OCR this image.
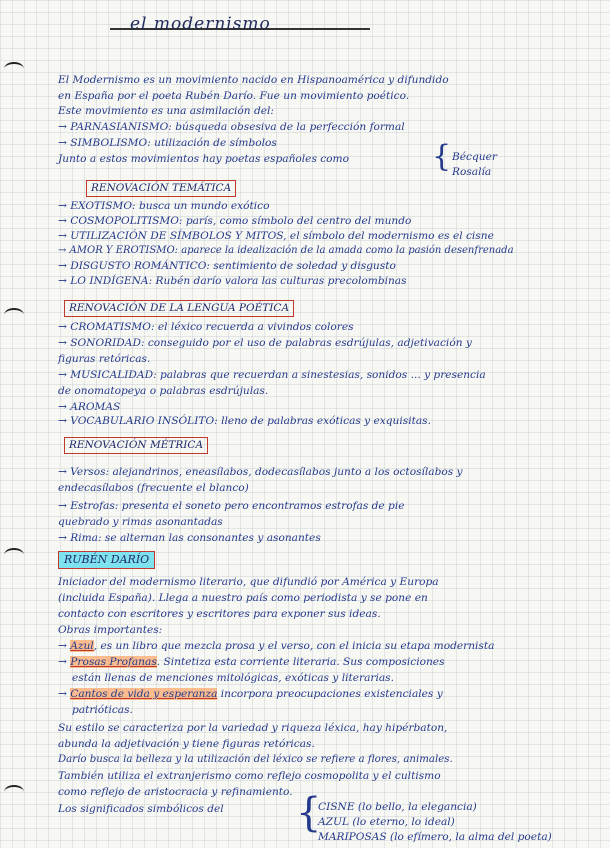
el modernismo
El Modernismo es un movimiento nacido en Hispanoamérica y difundido
en España por el poeta Rubén Darío. Fue un movimiento poético.
Este movimiento es una asimilación del:
→ PARNASIANISMO: búsqueda obsesiva de la perfección formal
→ SIMBOLISMO: utilización de símbolos
Junto a estos movimientos hay poetas españoles como	{ Bécquer
Rosalía
RENOVACIÓN TEMÁTICA
→ EXOTISMO: busca un mundo exótico
→ COSMOPOLITISMO: parís, como símbolo del centro del mundo
→ UTILIZACIÓN DE SÍMBOLOS Y MITOS, el símbolo del modernismo es el cisne
→ AMOR Y EROTISMO: aparece la idealización de la amada como la pasión desenfrenada
→ DISGUSTO ROMÁNTICO: sentimiento de soledad y disgusto
→ LO INDÍGENA: Rubén darío valora las culturas precolombinas
RENOVACIÓN DE LA LENGUA POÉTICA
→ CROMATISMO: el léxico recuerda a vivindos colores
→ SONORIDAD: conseguido por el uso de palabras esdrújulas, adjetivación y
figuras retóricas.
→ MUSICALIDAD: palabras que recuerdan a sinestesias, sonidos ... y presencia
de onomatopeya o palabras esdrújulas.
→ AROMAS
→ VOCABULARIO INSÓLITO: lleno de palabras exóticas y exquisitas.
RENOVACIÓN MÉTRICA
→ Versos: alejandrinos, eneasílabos, dodecasílabos junto a los octosílabos y
endecasílabos (frecuente el blanco)
→ Estrofas: presenta el soneto pero encontramos estrofas de pie
quebrado y rimas asonantadas
→ Rima: se alternan las consonantes y asonantes
RUBÉN DARÍO
Iniciador del modernismo literario, que difundió por América y Europa
(incluida España). Llega a nuestro país como periodista y se pone en
contacto con escritores y escritores para exponer sus ideas.
Obras importantes:
→ Azul, es un libro que mezcla prosa y el verso, con el inicia su etapa modernista
→ Prosas Profanas. Sintetiza esta corriente literaria. Sus composiciones
están llenas de menciones mitológicas, exóticas y literarias.
→ Cantos de vida y esperanza incorpora preocupaciones existenciales y
patrióticas.
Su estilo se caracteriza por la variedad y riqueza léxica, hay hipérbaton,
abunda la adjetivación y tiene figuras retóricas.
Darío busca la belleza y la utilización del léxico se refiere a flores, animales.
También utiliza el extranjerismo como reflejo cosmopolita y el cultismo
como reflejo de aristocracia y refinamiento.
Los significados simbólicos del {
CISNE (lo bello, la elegancia)
AZUL (lo eterno, lo ideal)
MARIPOSAS (lo efímero, la alma del poeta)
